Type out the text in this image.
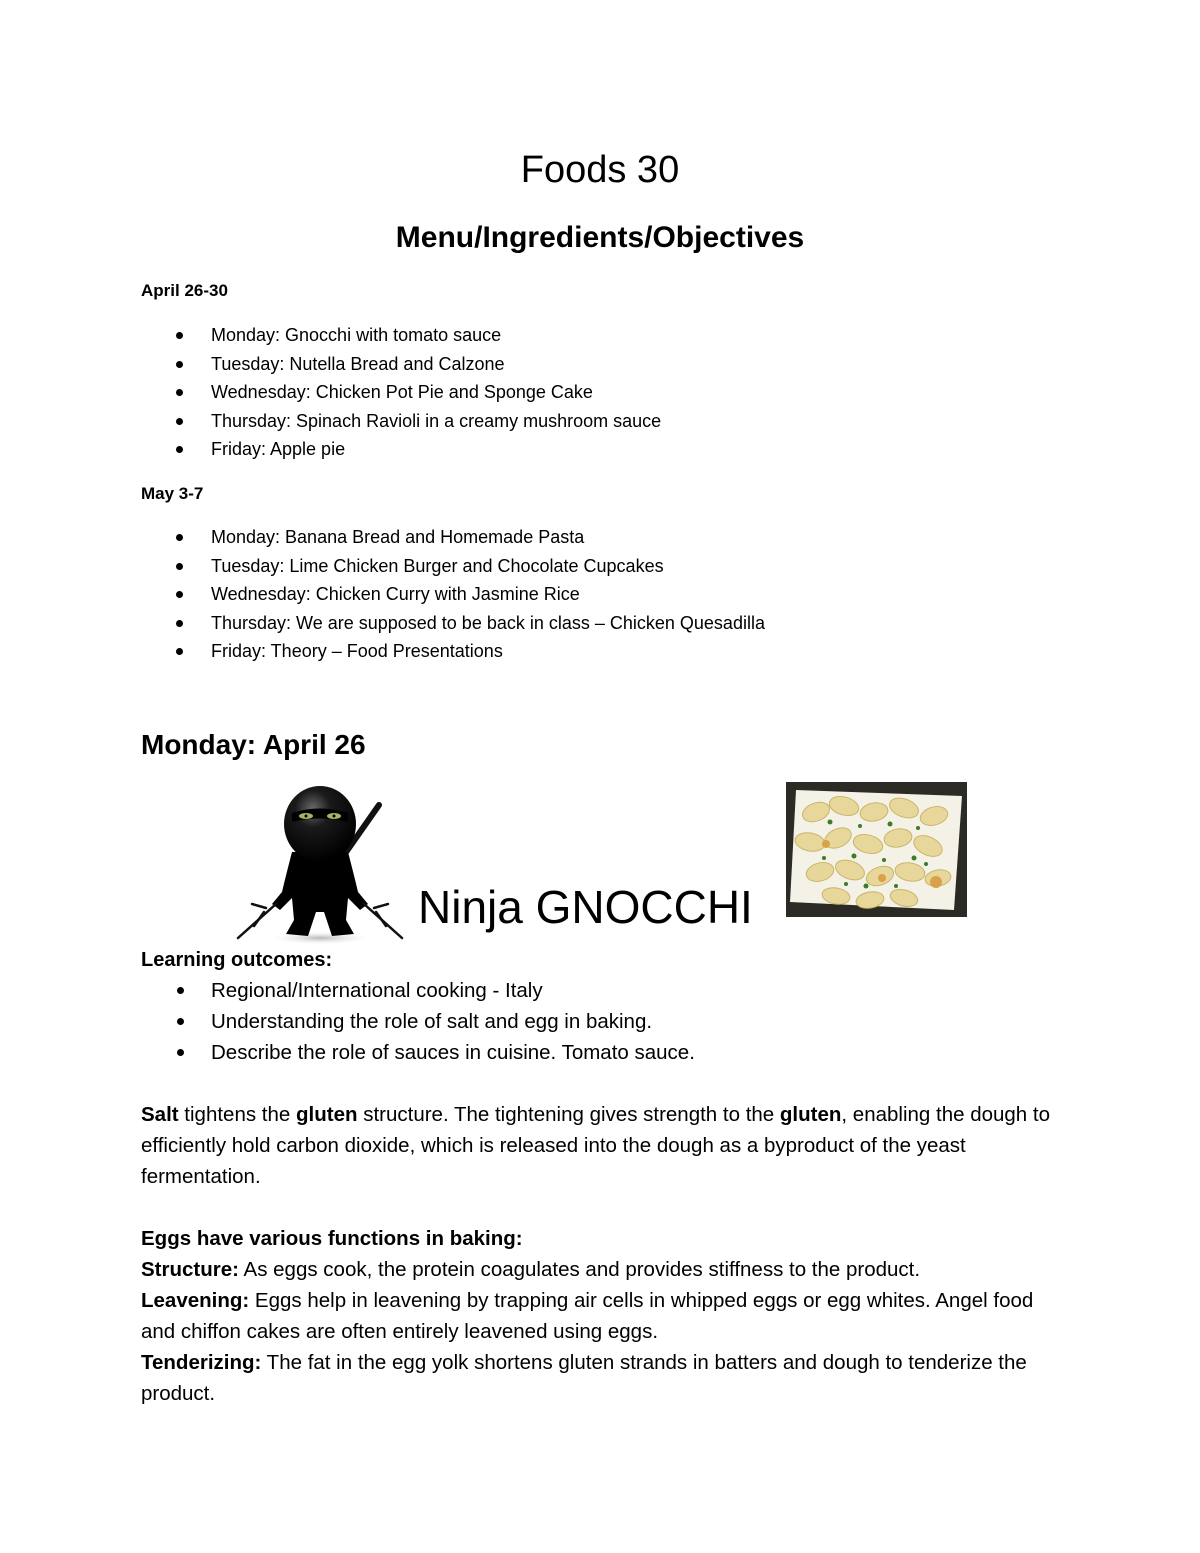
Foods 30
Menu/Ingredients/Objectives
April 26-30
Monday: Gnocchi with tomato sauce
Tuesday: Nutella Bread and Calzone
Wednesday: Chicken Pot Pie and Sponge Cake
Thursday: Spinach Ravioli in a creamy mushroom sauce
Friday: Apple pie
May 3-7
Monday: Banana Bread and Homemade Pasta
Tuesday: Lime Chicken Burger and Chocolate Cupcakes
Wednesday: Chicken Curry with Jasmine Rice
Thursday: We are supposed to be back in class – Chicken Quesadilla
Friday: Theory – Food Presentations
Monday: April 26
Ninja GNOCCHI
Learning outcomes:
Regional/International cooking - Italy
Understanding the role of salt and egg in baking.
Describe the role of sauces in cuisine. Tomato sauce.
Salt tightens the gluten structure. The tightening gives strength to the gluten, enabling the dough to efficiently hold carbon dioxide, which is released into the dough as a byproduct of the yeast fermentation.
Eggs have various functions in baking:
Structure: As eggs cook, the protein coagulates and provides stiffness to the product.
Leavening: Eggs help in leavening by trapping air cells in whipped eggs or egg whites. Angel food and chiffon cakes are often entirely leavened using eggs.
Tenderizing: The fat in the egg yolk shortens gluten strands in batters and dough to tenderize the product.
